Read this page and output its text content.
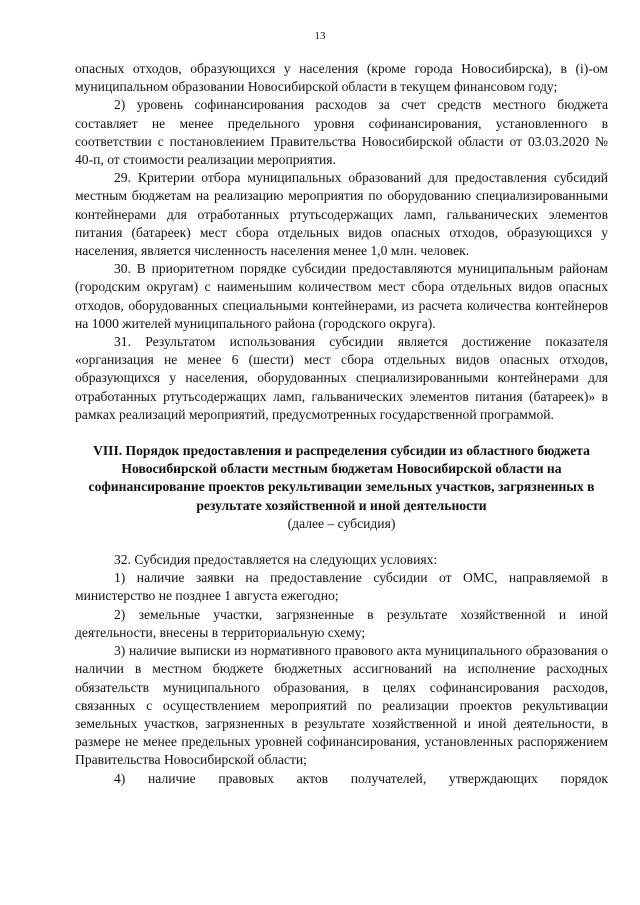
13

опасных отходов, образующихся у населения (кроме города Новосибирска), в (i)-ом муниципальном образовании Новосибирской области в текущем финансовом году;

2) уровень софинансирования расходов за счет средств местного бюджета составляет не менее предельного уровня софинансирования, установленного в соответствии с постановлением Правительства Новосибирской области от 03.03.2020 № 40-п, от стоимости реализации мероприятия.

29. Критерии отбора муниципальных образований для предоставления субсидий местным бюджетам на реализацию мероприятия по оборудованию специализированными контейнерами для отработанных ртутьсодержащих ламп, гальванических элементов питания (батареек) мест сбора отдельных видов опасных отходов, образующихся у населения, является численность населения менее 1,0 млн. человек.

30. В приоритетном порядке субсидии предоставляются муниципальным районам (городским округам) с наименьшим количеством мест сбора отдельных видов опасных отходов, оборудованных специальными контейнерами, из расчета количества контейнеров на 1000 жителей муниципального района (городского округа).

31. Результатом использования субсидии является достижение показателя «организация не менее 6 (шести) мест сбора отдельных видов опасных отходов, образующихся у населения, оборудованных специализированными контейнерами для отработанных ртутьсодержащих ламп, гальванических элементов питания (батареек)» в рамках реализаций мероприятий, предусмотренных государственной программой.

VIII. Порядок предоставления и распределения субсидии из областного бюджета Новосибирской области местным бюджетам Новосибирской области на софинансирование проектов рекультивации земельных участков, загрязненных в результате хозяйственной и иной деятельности
(далее – субсидия)

32. Субсидия предоставляется на следующих условиях:

1) наличие заявки на предоставление субсидии от ОМС, направляемой в министерство не позднее 1 августа ежегодно;

2) земельные участки, загрязненные в результате хозяйственной и иной деятельности, внесены в территориальную схему;

3) наличие выписки из нормативного правового акта муниципального образования о наличии в местном бюджете бюджетных ассигнований на исполнение расходных обязательств муниципального образования, в целях софинансирования расходов, связанных с осуществлением мероприятий по реализации проектов рекультивации земельных участков, загрязненных в результате хозяйственной и иной деятельности, в размере не менее предельных уровней софинансирования, установленных распоряжением Правительства Новосибирской области;

4) наличие правовых актов получателей, утверждающих порядок
